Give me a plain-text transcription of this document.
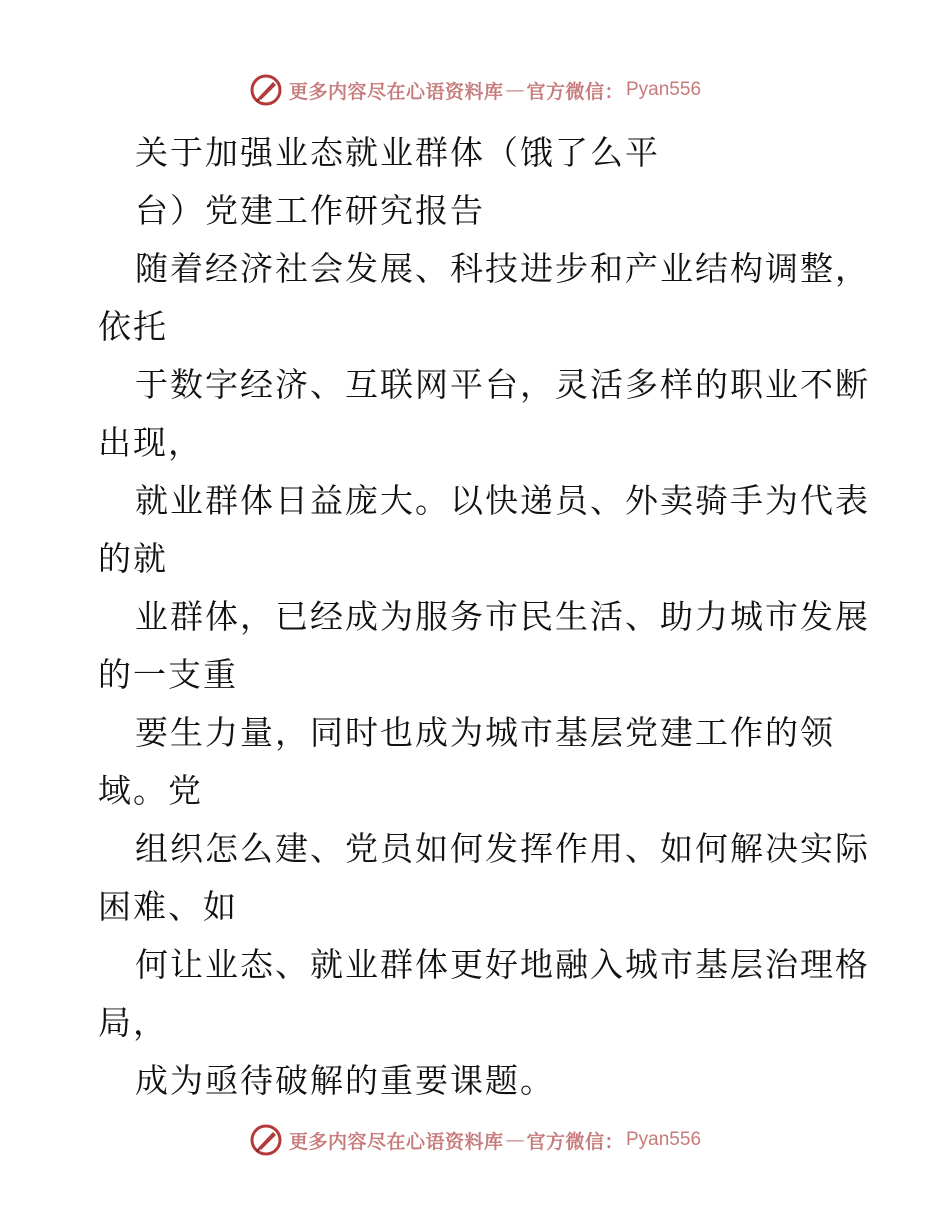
更多内容尽在心语资料库 — 官方微信： Pyan556
关于加强业态就业群体（饿了么平
台）党建工作研究报告
随着经济社会发展、科技进步和产业结构调整，
依托
于数字经济、互联网平台，灵活多样的职业不断
出现，
就业群体日益庞大。以快递员、外卖骑手为代表
的就
业群体，已经成为服务市民生活、助力城市发展
的一支重
要生力量，同时也成为城市基层党建工作的领
域。党
组织怎么建、党员如何发挥作用、如何解决实际
困难、如
何让业态、就业群体更好地融入城市基层治理格
局，
成为亟待破解的重要课题。
更多内容尽在心语资料库 — 官方微信： Pyan556
